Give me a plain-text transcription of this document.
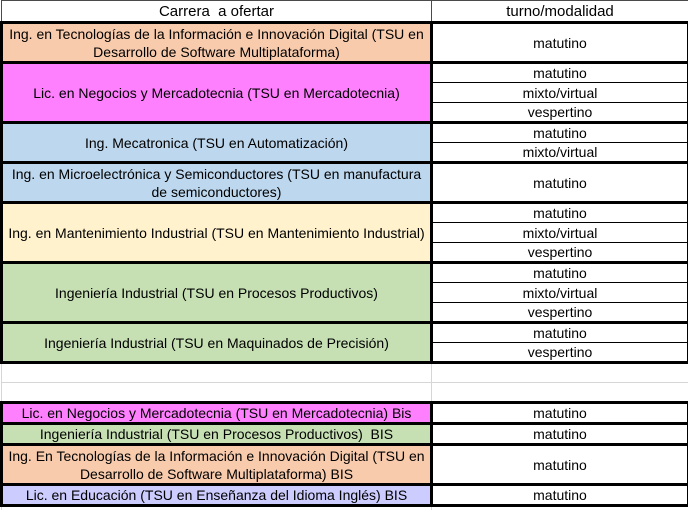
Carrera  a ofertar	turno/modalidad
Ing. en Tecnologías de la Información e Innovación Digital (TSU en Desarrollo de Software Multiplataforma)	matutino
Lic. en Negocios y Mercadotecnia (TSU en Mercadotecnia)	matutino
	mixto/virtual
	vespertino
Ing. Mecatronica (TSU en Automatización)	matutino
	mixto/virtual
Ing. en Microelectrónica y Semiconductores (TSU en manufactura de semiconductores)	matutino
Ing. en Mantenimiento Industrial (TSU en Mantenimiento Industrial)	matutino
	mixto/virtual
	vespertino
Ingeniería Industrial (TSU en Procesos Productivos)	matutino
	mixto/virtual
	vespertino
Ingeniería Industrial (TSU en Maquinados de Precisión)	matutino
	vespertino

Lic. en Negocios y Mercadotecnia (TSU en Mercadotecnia) Bis	matutino
Ingeniería Industrial (TSU en Procesos Productivos)  BIS	matutino
Ing. En Tecnologías de la Información e Innovación Digital (TSU en Desarrollo de Software Multiplataforma) BIS	matutino
Lic. en Educación (TSU en Enseñanza del Idioma Inglés) BIS	matutino
